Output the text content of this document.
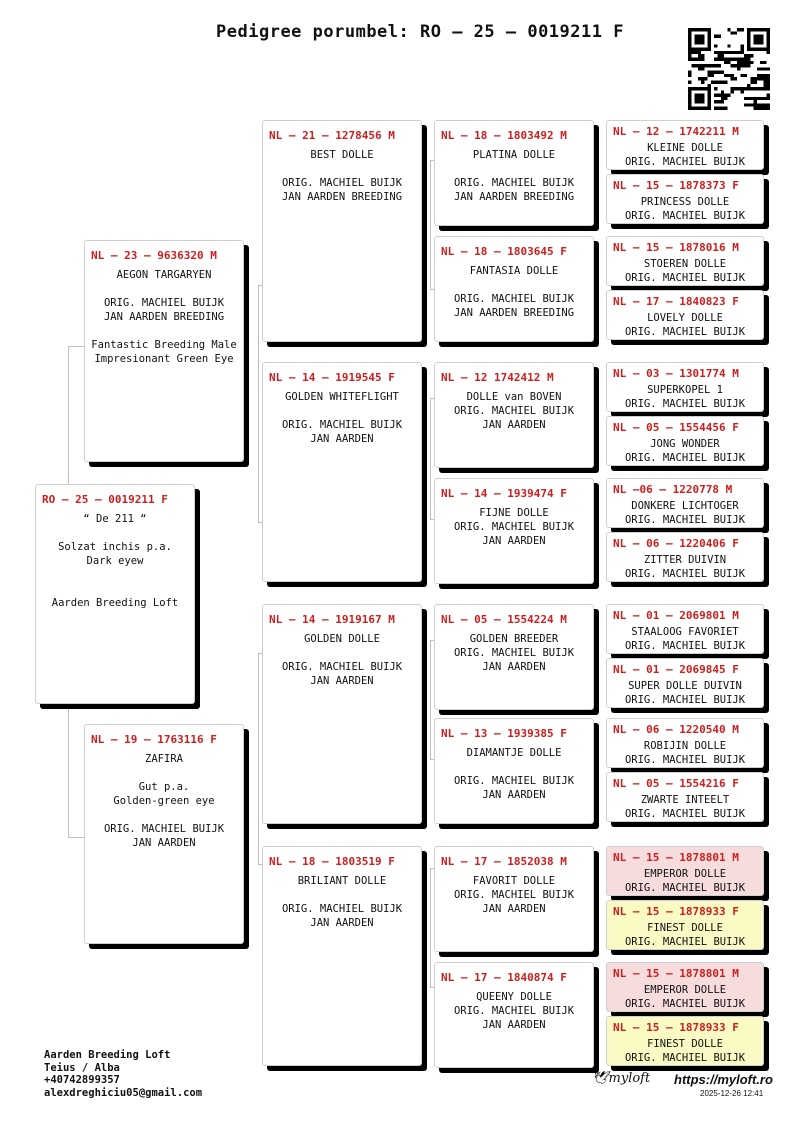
Pedigree porumbel: RO – 25 – 0019211 F
RO – 25 – 0019211 F
“ De 211 “
Solzat inchis p.a.
Dark eyew
Aarden Breeding Loft
NL – 23 – 9636320 M
AEGON TARGARYEN
ORIG. MACHIEL BUIJK
JAN AARDEN BREEDING
Fantastic Breeding Male
Impresionant Green Eye
NL – 19 – 1763116 F
ZAFIRA
Gut p.a.
Golden-green eye
ORIG. MACHIEL BUIJK
JAN AARDEN
NL – 21 – 1278456 M
BEST DOLLE
ORIG. MACHIEL BUIJK
JAN AARDEN BREEDING
NL – 14 – 1919545 F
GOLDEN WHITEFLIGHT
ORIG. MACHIEL BUIJK
JAN AARDEN
NL – 14 – 1919167 M
GOLDEN DOLLE
ORIG. MACHIEL BUIJK
JAN AARDEN
NL – 18 – 1803519 F
BRILIANT DOLLE
ORIG. MACHIEL BUIJK
JAN AARDEN
NL – 18 – 1803492 M
PLATINA DOLLE
ORIG. MACHIEL BUIJK
JAN AARDEN BREEDING
NL – 18 – 1803645 F
FANTASIA DOLLE
ORIG. MACHIEL BUIJK
JAN AARDEN BREEDING
NL – 12 1742412 M
DOLLE van BOVEN
ORIG. MACHIEL BUIJK
JAN AARDEN
NL – 14 – 1939474 F
FIJNE DOLLE
ORIG. MACHIEL BUIJK
JAN AARDEN
NL – 05 – 1554224 M
GOLDEN BREEDER
ORIG. MACHIEL BUIJK
JAN AARDEN
NL – 13 – 1939385 F
DIAMANTJE DOLLE
ORIG. MACHIEL BUIJK
JAN AARDEN
NL – 17 – 1852038 M
FAVORIT DOLLE
ORIG. MACHIEL BUIJK
JAN AARDEN
NL – 17 – 1840874 F
QUEENY DOLLE
ORIG. MACHIEL BUIJK
JAN AARDEN
NL – 12 – 1742211 M
KLEINE DOLLE
ORIG. MACHIEL BUIJK
NL – 15 – 1878373 F
PRINCESS DOLLE
ORIG. MACHIEL BUIJK
NL – 15 – 1878016 M
STOEREN DOLLE
ORIG. MACHIEL BUIJK
NL – 17 – 1840823 F
LOVELY DOLLE
ORIG. MACHIEL BUIJK
NL – 03 – 1301774 M
SUPERKOPEL 1
ORIG. MACHIEL BUIJK
NL – 05 – 1554456 F
JONG WONDER
ORIG. MACHIEL BUIJK
NL –06 – 1220778 M
DONKERE LICHTOGER
ORIG. MACHIEL BUIJK
NL – 06 – 1220406 F
ZITTER DUIVIN
ORIG. MACHIEL BUIJK
NL – 01 – 2069801 M
STAALOOG FAVORIET
ORIG. MACHIEL BUIJK
NL – 01 – 2069845 F
SUPER DOLLE DUIVIN
ORIG. MACHIEL BUIJK
NL – 06 – 1220540 M
ROBIJIN DOLLE
ORIG. MACHIEL BUIJK
NL – 05 – 1554216 F
ZWARTE INTEELT
ORIG. MACHIEL BUIJK
NL – 15 – 1878801 M
EMPEROR DOLLE
ORIG. MACHIEL BUIJK
NL – 15 – 1878933 F
FINEST DOLLE
ORIG. MACHIEL BUIJK
NL – 15 – 1878801 M
EMPEROR DOLLE
ORIG. MACHIEL BUIJK
NL – 15 – 1878933 F
FINEST DOLLE
ORIG. MACHIEL BUIJK
Aarden Breeding Loft
Teius / Alba
+40742899357
alexdreghiciu05@gmail.com
🕊myloft https://myloft.ro
2025-12-26 12:41
